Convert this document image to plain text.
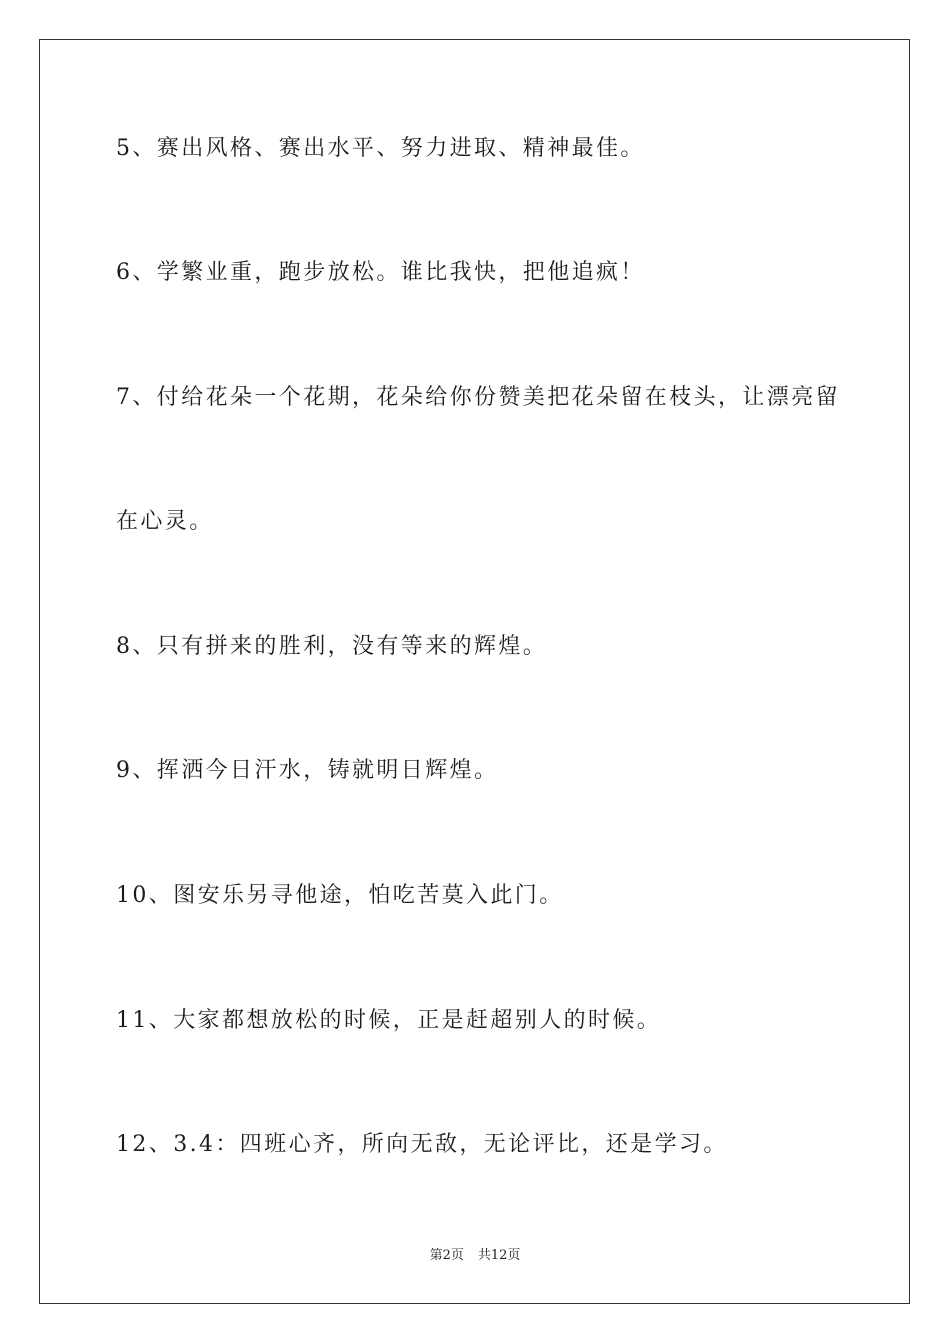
5、赛出风格、赛出水平、努力进取、精神最佳。
6、学繁业重，跑步放松。谁比我快，把他追疯！
7、付给花朵一个花期，花朵给你份赞美把花朵留在枝头，让漂亮留
在心灵。
8、只有拼来的胜利，没有等来的辉煌。
9、挥洒今日汗水，铸就明日辉煌。
10、图安乐另寻他途，怕吃苦莫入此门。
11、大家都想放松的时候，正是赶超别人的时候。
12、3.4：四班心齐，所向无敌，无论评比，还是学习。
第2页 共12页
